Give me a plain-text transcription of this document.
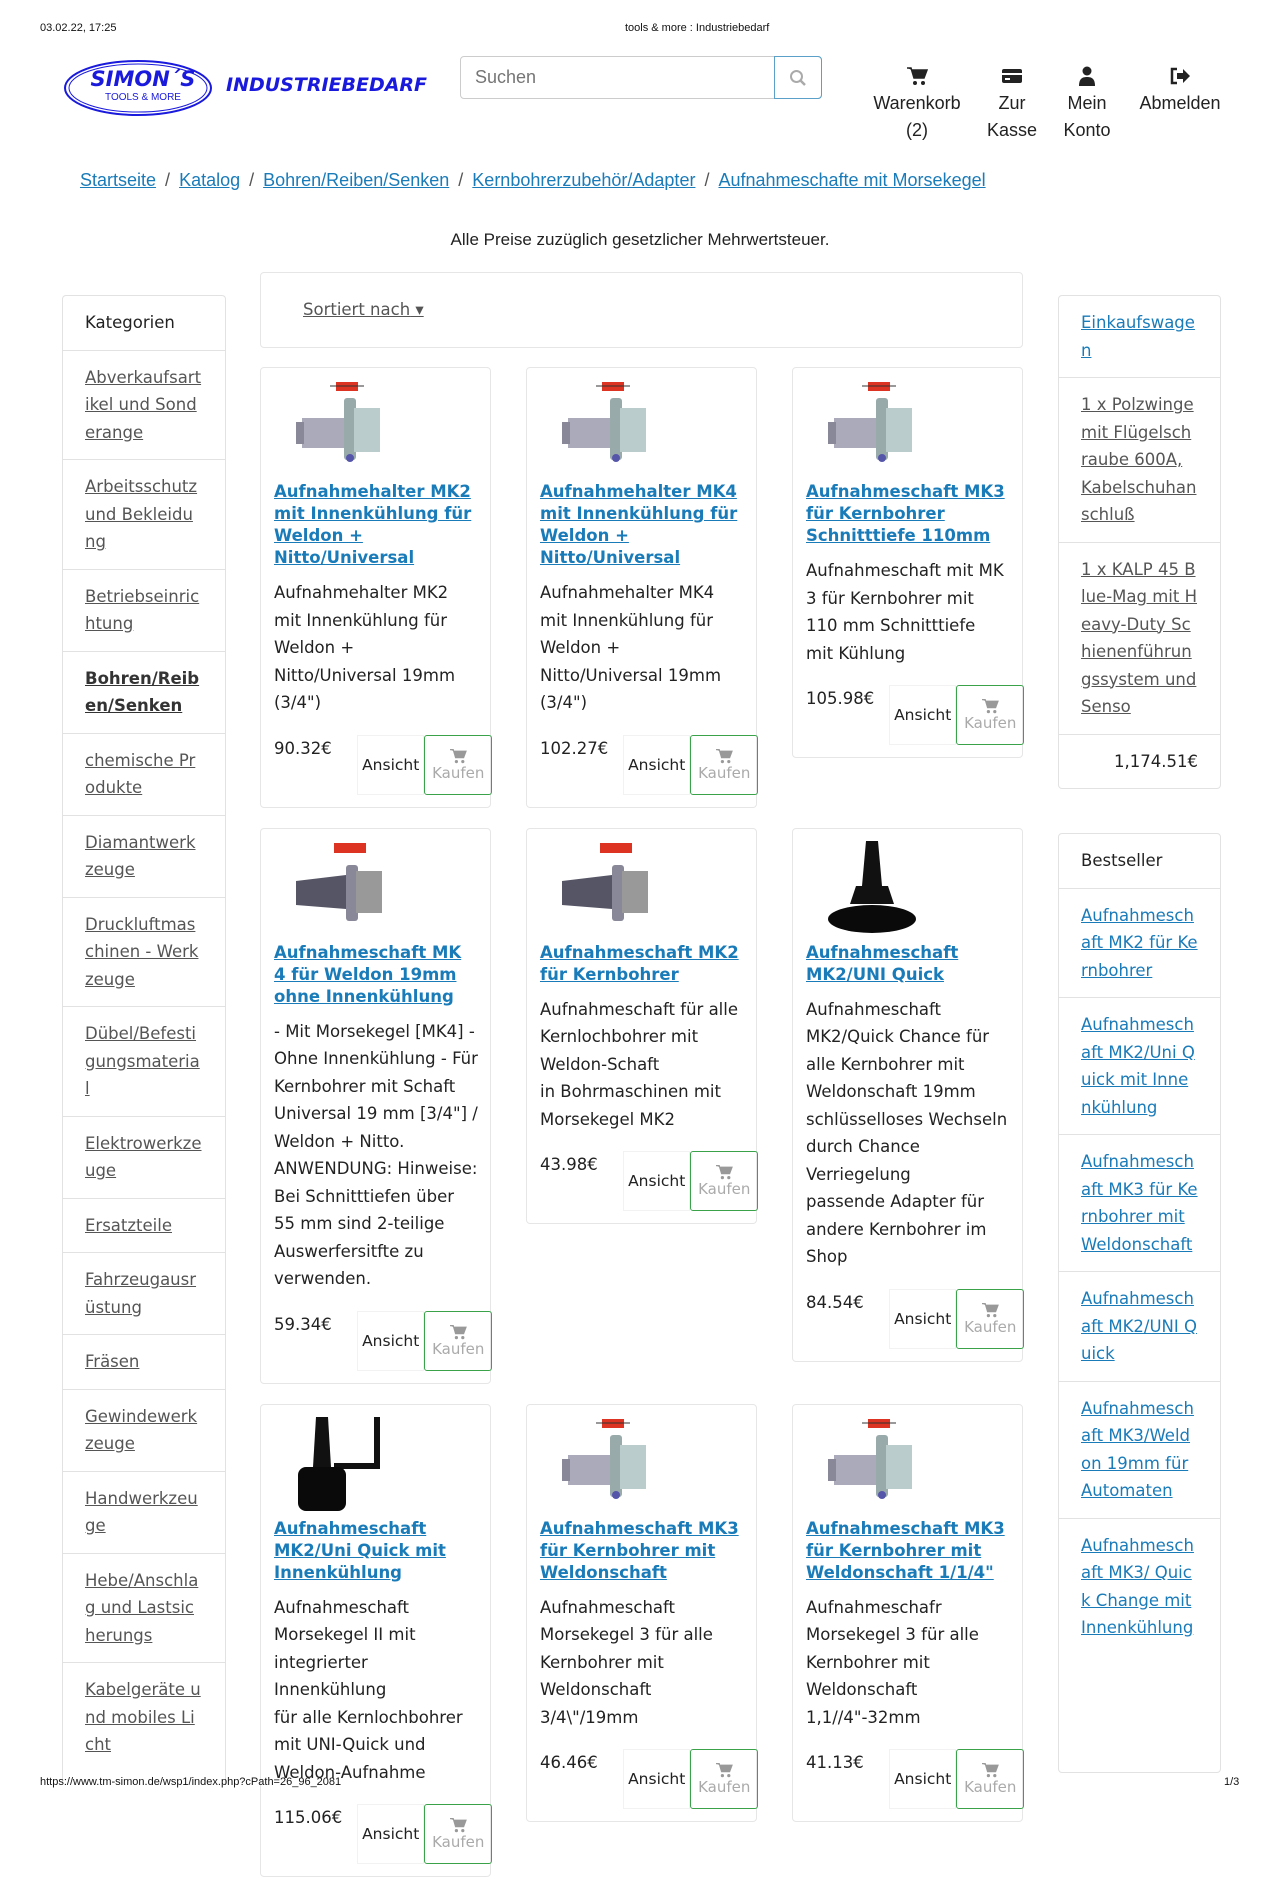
03.02.22, 17:25	tools & more : Industriebedarf
SIMON´S
TOOLS & MORE
INDUSTRIEBEDARF
Suchen
Warenkorb
(2)
Zur
Kasse
Mein
Konto
Abmelden
Startseite / Katalog / Bohren/Reiben/Senken / Kernbohrerzubehör/Adapter / Aufnahmeschafte mit Morsekegel
Alle Preise zuzüglich gesetzlicher Mehrwertsteuer.
Kategorien
Abverkaufsartikel und Sonderange
Arbeitsschutz und Bekleidung
Betriebseinrichtung
Bohren/Reiben/Senken
chemische Produkte
Diamantwerkzeuge
Druckluftmaschinen - Werkzeuge
Dübel/Befestigungsmaterial
Elektrowerkzeuge
Ersatzteile
Fahrzeugausrüstung
Fräsen
Gewindewerkzeuge
Handwerkzeuge
Hebe/Anschlag und Lastsicherungs
Kabelgeräte und mobiles Licht
Sortiert nach ▾
Aufnahmehalter MK2 mit Innenkühlung für Weldon + Nitto/Universal
Aufnahmehalter MK2 mit Innenkühlung für Weldon + Nitto/Universal 19mm (3/4")
90.32€
Ansicht Kaufen
Aufnahmehalter MK4 mit Innenkühlung für Weldon + Nitto/Universal
Aufnahmehalter MK4 mit Innenkühlung für Weldon + Nitto/Universal 19mm (3/4")
102.27€
Ansicht Kaufen
Aufnahmeschaft MK3 für Kernbohrer Schnitttiefe 110mm
Aufnahmeschaft mit MK 3 für Kernbohrer mit 110 mm Schnitttiefe
mit Kühlung
105.98€
Ansicht Kaufen
Aufnahmeschaft MK 4 für Weldon 19mm ohne Innenkühlung
- Mit Morsekegel [MK4] - Ohne Innenkühlung - Für Kernbohrer mit Schaft Universal 19 mm [3/4"] / Weldon + Nitto. ANWENDUNG: Hinweise: Bei Schnitttiefen über 55 mm sind 2-teilige Auswerfersitfte zu verwenden.
59.34€
Ansicht Kaufen
Aufnahmeschaft MK2 für Kernbohrer
Aufnahmeschaft für alle Kernlochbohrer mit Weldon-Schaft
in Bohrmaschinen mit Morsekegel MK2
43.98€
Ansicht Kaufen
Aufnahmeschaft MK2/UNI Quick
Aufnahmeschaft MK2/Quick Chance für alle Kernbohrer mit Weldonschaft 19mm schlüsselloses Wechseln durch Chance Verriegelung
passende Adapter für andere Kernbohrer im Shop
84.54€
Ansicht Kaufen
Aufnahmeschaft MK2/Uni Quick mit Innenkühlung
Aufnahmeschaft Morsekegel II mit integrierter Innenkühlung
für alle Kernlochbohrer mit UNI-Quick und Weldon-Aufnahme
115.06€
Ansicht Kaufen
Aufnahmeschaft MK3 für Kernbohrer mit Weldonschaft
Aufnahmeschaft Morsekegel 3 für alle Kernbohrer mit Weldonschaft
3/4\"/19mm
46.46€
Ansicht Kaufen
Aufnahmeschaft MK3 für Kernbohrer mit Weldonschaft 1/1/4"
Aufnahmeschafr Morsekegel 3 für alle Kernbohrer mit Weldonschaft
1,1//4"-32mm
41.13€
Ansicht Kaufen
Einkaufswagen
1 x Polzwinge mit Flügelschraube 600A, Kabelschuhanschluß
1 x KALP 45 Blue-Mag mit Heavy-Duty Schienenführungssystem und Senso
1,174.51€
Bestseller
Aufnahmeschaft MK2 für Kernbohrer
Aufnahmeschaft MK2/Uni Quick mit Innenkühlung
Aufnahmeschaft MK3 für Kernbohrer mit Weldonschaft
Aufnahmeschaft MK2/UNI Quick
Aufnahmeschaft MK3/Weldon 19mm für Automaten
Aufnahmeschaft MK3/ Quick Change mit Innenkühlung
https://www.tm-simon.de/wsp1/index.php?cPath=26_96_2081	1/3
